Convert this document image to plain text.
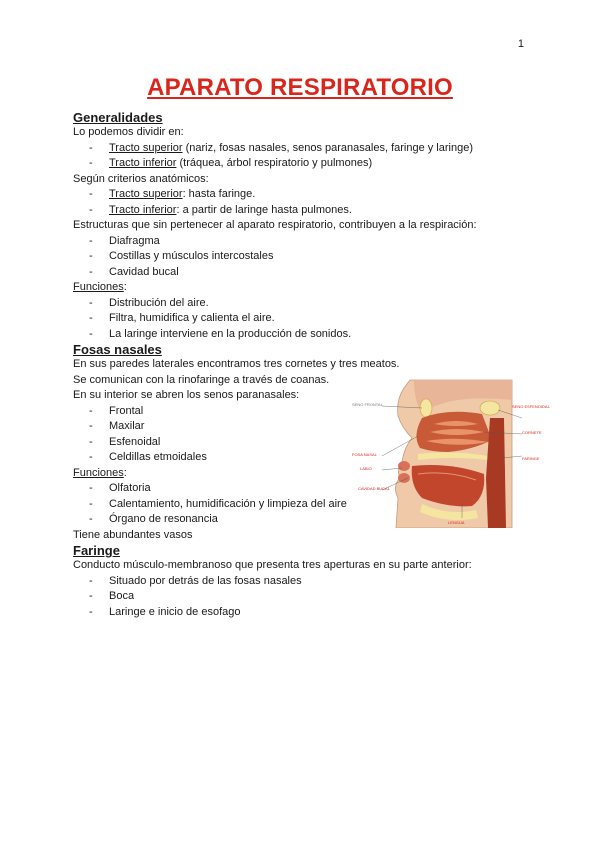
1
APARATO RESPIRATORIO
Generalidades
Lo podemos dividir en:
- Tracto superior (nariz, fosas nasales, senos paranasales, faringe y laringe)
- Tracto inferior (tráquea, árbol respiratorio y pulmones)
Según criterios anatómicos:
- Tracto superior: hasta faringe.
- Tracto inferior: a partir de laringe hasta pulmones.
Estructuras que sin pertenecer al aparato respiratorio, contribuyen a la respiración:
- Diafragma
- Costillas y músculos intercostales
- Cavidad bucal
Funciones:
- Distribución del aire.
- Filtra, humidifica y calienta el aire.
- La laringe interviene en la producción de sonidos.
Fosas nasales
En sus paredes laterales encontramos tres cornetes y tres meatos.
Se comunican con la rinofaringe a través de coanas.
En su interior se abren los senos paranasales:
- Frontal
- Maxilar
- Esfenoidal
- Celdillas etmoidales
Funciones:
- Olfatoria
- Calentamiento, humidificación y limpieza del aire
- Órgano de resonancia
Tiene abundantes vasos
Faringe
Conducto músculo-membranoso que presenta tres aperturas en su parte anterior:
- Situado por detrás de las fosas nasales
- Boca
- Laringe e inicio de esofago
SENO FRONTAL
FOSA NASAL
LABIO
CAVIDAD BUCAL
SENO ESFENOIDAL
CORNETE
FARINGE
LENGUA
